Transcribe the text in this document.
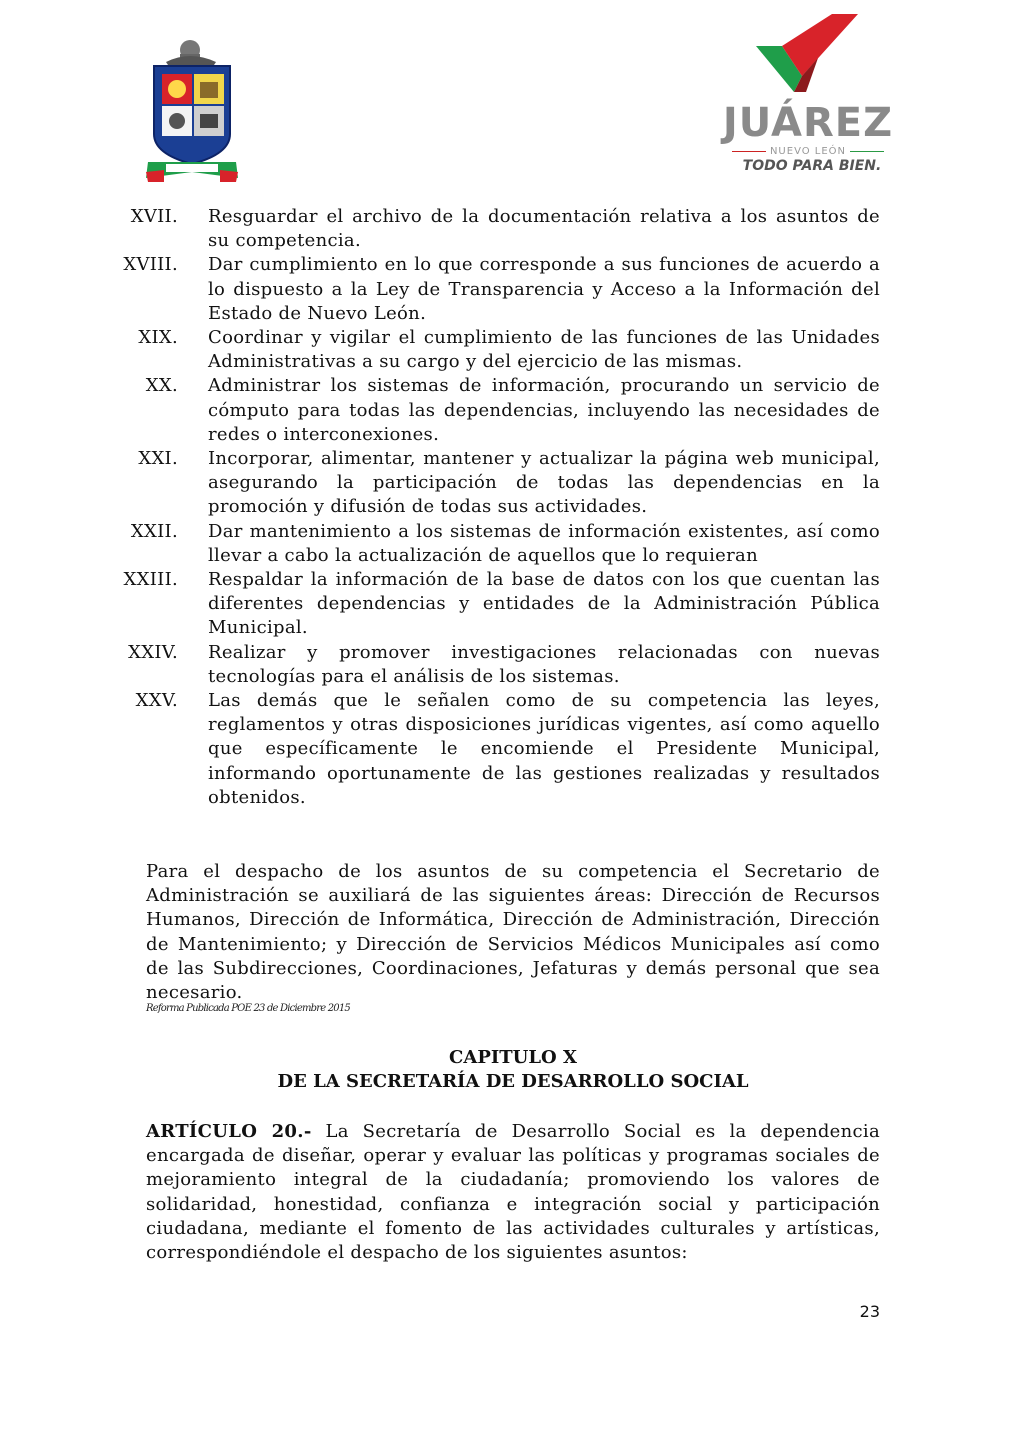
JUÁREZ
NUEVO LEÓN
TODO PARA BIEN.
XVII. Resguardar el archivo de la documentación relativa a los asuntos de su competencia.
XVIII. Dar cumplimiento en lo que corresponde a sus funciones de acuerdo a lo dispuesto a la Ley de Transparencia y Acceso a la Información del Estado de Nuevo León.
XIX. Coordinar y vigilar el cumplimiento de las funciones de las Unidades Administrativas a su cargo y del ejercicio de las mismas.
XX. Administrar los sistemas de información, procurando un servicio de cómputo para todas las dependencias, incluyendo las necesidades de redes o interconexiones.
XXI. Incorporar, alimentar, mantener y actualizar la página web municipal, asegurando la participación de todas las dependencias en la promoción y difusión de todas sus actividades.
XXII. Dar mantenimiento a los sistemas de información existentes, así como llevar a cabo la actualización de aquellos que lo requieran
XXIII. Respaldar la información de la base de datos con los que cuentan las diferentes dependencias y entidades de la Administración Pública Municipal.
XXIV. Realizar y promover investigaciones relacionadas con nuevas tecnologías para el análisis de los sistemas.
XXV. Las demás que le señalen como de su competencia las leyes, reglamentos y otras disposiciones jurídicas vigentes, así como aquello que específicamente le encomiende el Presidente Municipal, informando oportunamente de las gestiones realizadas y resultados obtenidos.
Para el despacho de los asuntos de su competencia el Secretario de Administración se auxiliará de las siguientes áreas: Dirección de Recursos Humanos, Dirección de Informática, Dirección de Administración, Dirección de Mantenimiento; y Dirección de Servicios Médicos Municipales así como de las Subdirecciones, Coordinaciones, Jefaturas y demás personal que sea necesario.
Reforma Publicada POE 23 de Diciembre 2015
CAPITULO X
DE LA SECRETARÍA DE DESARROLLO SOCIAL
ARTÍCULO 20.- La Secretaría de Desarrollo Social es la dependencia encargada de diseñar, operar y evaluar las políticas y programas sociales de mejoramiento integral de la ciudadanía; promoviendo los valores de solidaridad, honestidad, confianza e integración social y participación ciudadana, mediante el fomento de las actividades culturales y artísticas, correspondiéndole el despacho de los siguientes asuntos:
23
